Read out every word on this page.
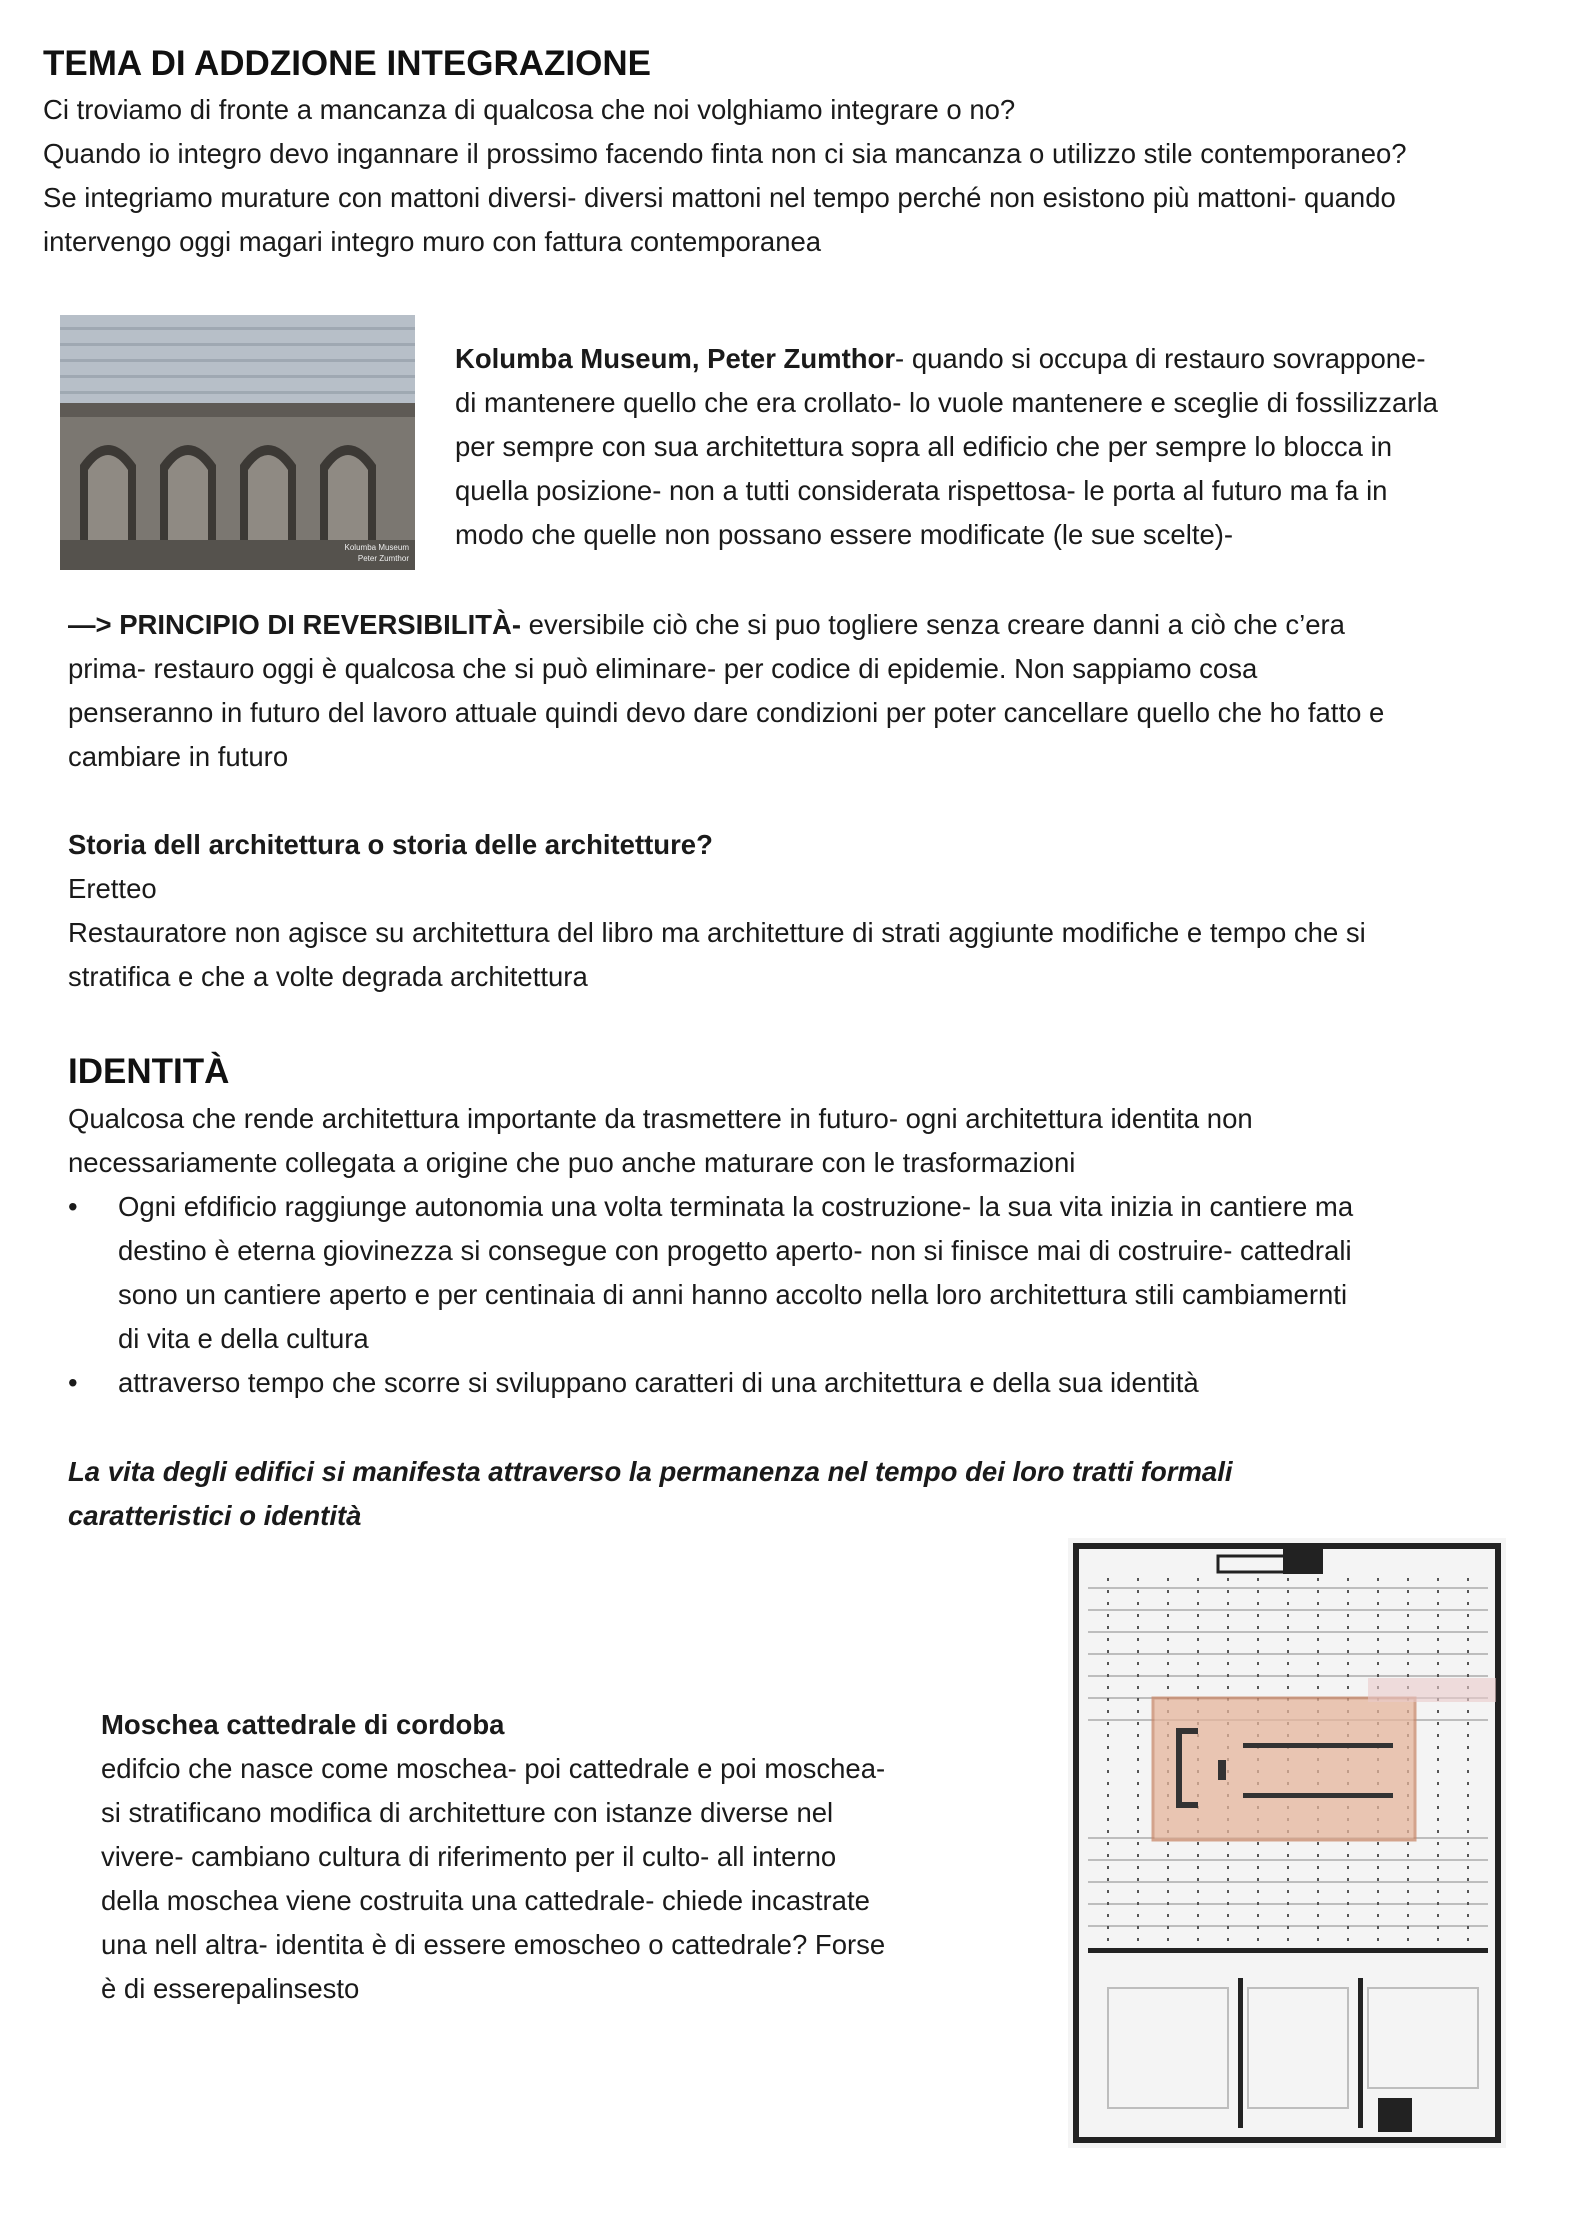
TEMA DI ADDZIONE INTEGRAZIONE
Ci troviamo di fronte a mancanza di qualcosa che noi volghiamo integrare o no?
Quando io integro devo ingannare il prossimo facendo finta non ci sia mancanza o utilizzo stile contemporaneo?
Se integriamo murature con mattoni diversi- diversi mattoni nel tempo perché non esistono più mattoni- quando
intervengo oggi magari integro muro con fattura contemporanea
Kolumba Museum
Peter Zumthor
Kolumba Museum, Peter Zumthor- quando si occupa di restauro sovrappone-
di mantenere quello che era crollato- lo vuole mantenere e sceglie di fossilizzarla
per sempre con sua architettura sopra all edificio che per sempre lo blocca in
quella posizione- non a tutti considerata rispettosa- le porta al futuro ma fa in
modo che quelle non possano essere modificate (le sue scelte)-
—> PRINCIPIO DI REVERSIBILITÀ- eversibile ciò che si puo togliere senza creare danni a ciò che c’era
prima- restauro oggi è qualcosa che si può eliminare- per codice di epidemie. Non sappiamo cosa
penseranno in futuro del lavoro attuale quindi devo dare condizioni per poter cancellare quello che ho fatto e
cambiare in futuro
Storia dell architettura o storia delle architetture?
Eretteo
Restauratore non agisce su architettura del libro ma architetture di strati aggiunte modifiche e tempo che si
stratifica e che a volte degrada architettura
IDENTITÀ
Qualcosa che rende architettura importante da trasmettere in futuro- ogni architettura identita non
necessariamente collegata a origine che puo anche maturare con le trasformazioni
•	Ogni efdificio raggiunge autonomia una volta terminata la costruzione- la sua vita inizia in cantiere ma
destino è eterna giovinezza si consegue con progetto aperto- non si finisce mai di costruire- cattedrali
sono un cantiere aperto e per centinaia di anni hanno accolto nella loro architettura stili cambiamernti
di vita e della cultura
•	attraverso tempo che scorre si sviluppano caratteri di una architettura e della sua identità
La vita degli edifici si manifesta attraverso la permanenza nel tempo dei loro tratti formali
caratteristici o identità
Moschea cattedrale di cordoba
edifcio che nasce come moschea- poi cattedrale e poi moschea-
si stratificano modifica di architetture con istanze diverse nel
vivere- cambiano cultura di riferimento per il culto- all interno
della moschea viene costruita una cattedrale- chiede incastrate
una nell altra- identita è di essere emoscheo o cattedrale? Forse
è di esserepalinsesto
